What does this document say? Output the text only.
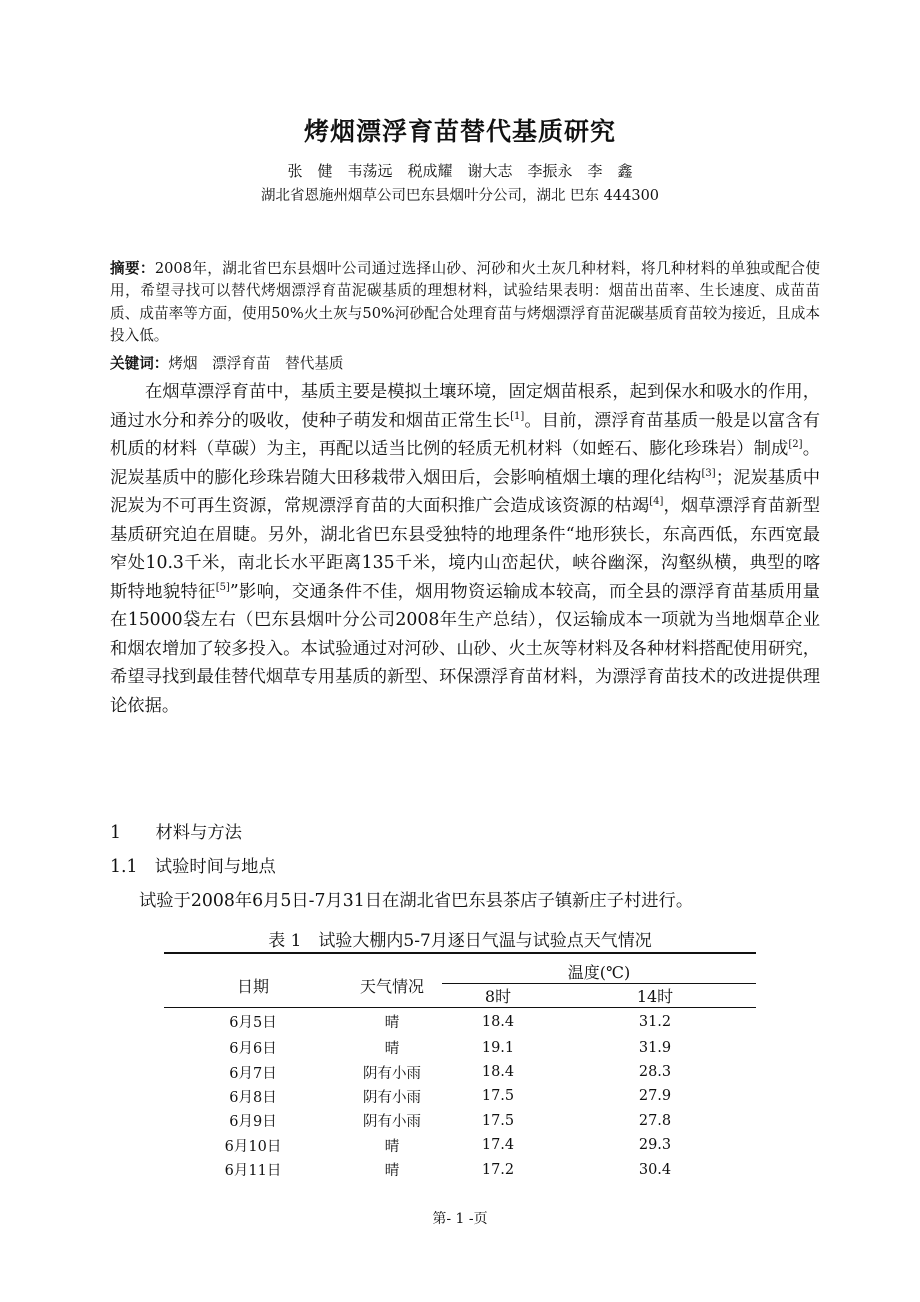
烤烟漂浮育苗替代基质研究
张　健　韦荡远　税成耀　谢大志　李振永　李　鑫
湖北省恩施州烟草公司巴东县烟叶分公司，湖北 巴东 444300
摘要：2008年，湖北省巴东县烟叶公司通过选择山砂、河砂和火土灰几种材料，将几种材料的单独或配合使用，希望寻找可以替代烤烟漂浮育苗泥碳基质的理想材料，试验结果表明：烟苗出苗率、生长速度、成苗苗质、成苗率等方面，使用50%火土灰与50%河砂配合处理育苗与烤烟漂浮育苗泥碳基质育苗较为接近，且成本投入低。
关键词：烤烟　漂浮育苗　替代基质
在烟草漂浮育苗中，基质主要是模拟土壤环境，固定烟苗根系，起到保水和吸水的作用，通过水分和养分的吸收，使种子萌发和烟苗正常生长[1]。目前，漂浮育苗基质一般是以富含有机质的材料（草碳）为主，再配以适当比例的轻质无机材料（如蛭石、膨化珍珠岩）制成[2]。泥炭基质中的膨化珍珠岩随大田移栽带入烟田后，会影响植烟土壤的理化结构[3]；泥炭基质中泥炭为不可再生资源，常规漂浮育苗的大面积推广会造成该资源的枯竭[4]，烟草漂浮育苗新型基质研究迫在眉睫。另外，湖北省巴东县受独特的地理条件“地形狭长，东高西低，东西宽最窄处10.3千米，南北长水平距离135千米，境内山峦起伏，峡谷幽深，沟壑纵横，典型的喀斯特地貌特征[5]”影响，交通条件不佳，烟用物资运输成本较高，而全县的漂浮育苗基质用量在15000袋左右（巴东县烟叶分公司2008年生产总结），仅运输成本一项就为当地烟草企业和烟农增加了较多投入。本试验通过对河砂、山砂、火土灰等材料及各种材料搭配使用研究，希望寻找到最佳替代烟草专用基质的新型、环保漂浮育苗材料，为漂浮育苗技术的改进提供理论依据。
1　　材料与方法
1.1　试验时间与地点
试验于2008年6月5日-7月31日在湖北省巴东县茶店子镇新庄子村进行。
表 1　试验大棚内5-7月逐日气温与试验点天气情况
日期	天气情况	温度(℃)	
		8时	14时
6月5日	晴	18.4	31.2
6月6日	晴	19.1	31.9
6月7日	阴有小雨	18.4	28.3
6月8日	阴有小雨	17.5	27.9
6月9日	阴有小雨	17.5	27.8
6月10日	晴	17.4	29.3
6月11日	晴	17.2	30.4
第- 1 -页
